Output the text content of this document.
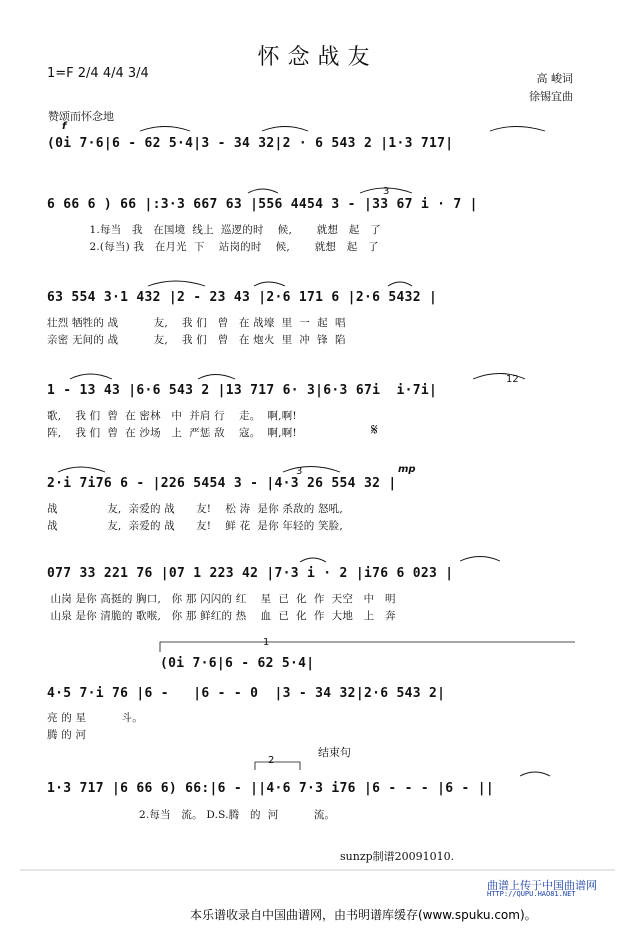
怀念战友
1=F 2/4 4/4 3/4	高 峻词
徐锡宜曲
赞颂而怀念地
f
(0i 7·6|6 - 62 5·4|3 - 34 32|2 · 6 543 2 |1·3 717|
6 66 6 ) 66 |:3·3 667 63 |556 4454 3 - |33 67 i · 7 |
3
1.每当   我   在国境  线上  巡逻的时    候,       就想   起   了
2.(每当) 我   在月光  下    站岗的时    候,       就想   起   了
63 554 3·1 432 |2 - 23 43 |2·6 171 6 |2·6 5432 |
壮烈 牺牲的 战          友,    我 们   曾   在 战壕  里  一  起  唱
亲密 无间的 战          友,    我 们   曾   在 炮火  里  冲  锋  陷
1 - 13 43 |6·6 543 2 |13 717 6· 3|6·3 67i  i·7i|
12
歌,    我 们  曾  在 密林   中  并肩 行    走。  啊,啊!
阵,    我 们  曾  在 沙场   上  严惩 敌    寇。  啊,啊!	𝄋
2·i 7i76 6 - |226 5454 3 - |4·3 26 554 32 |
3	mp
战              友,  亲爱的 战      友!    松 涛  是你 杀敌的 怒吼,
战              友,  亲爱的 战      友!    鲜 花  是你 年轻的 笑脸,
077 33 221 76 |07 1 223 42 |7·3 i · 2 |i76 6 023 |
山岗 是你 高挺的 胸口,   你 那 闪闪的 红    星  已  化  作  天空   中   明
山泉 是你 清脆的 歌喉,   你 那 鲜红的 热    血  已  化  作  大地   上   奔
1
(0i 7·6|6 - 62 5·4|
4·5 7·i 76 |6 -   |6 - - 0  |3 - 34 32|2·6 543 2|
亮 的 星          斗。
腾 的 河
结束句
2
1·3 717 |6 66 6) 66:|6 - ||4·6 7·3 i76 |6 - - - |6 - ||
2.每当   流。 D.S.腾   的  河          流。
sunzp制谱20091010.
曲谱上传于中国曲谱网
HTTP://QUPU.HAO81.NET
本乐谱收录自中国曲谱网，由书明谱库缓存(www.spuku.com)。
